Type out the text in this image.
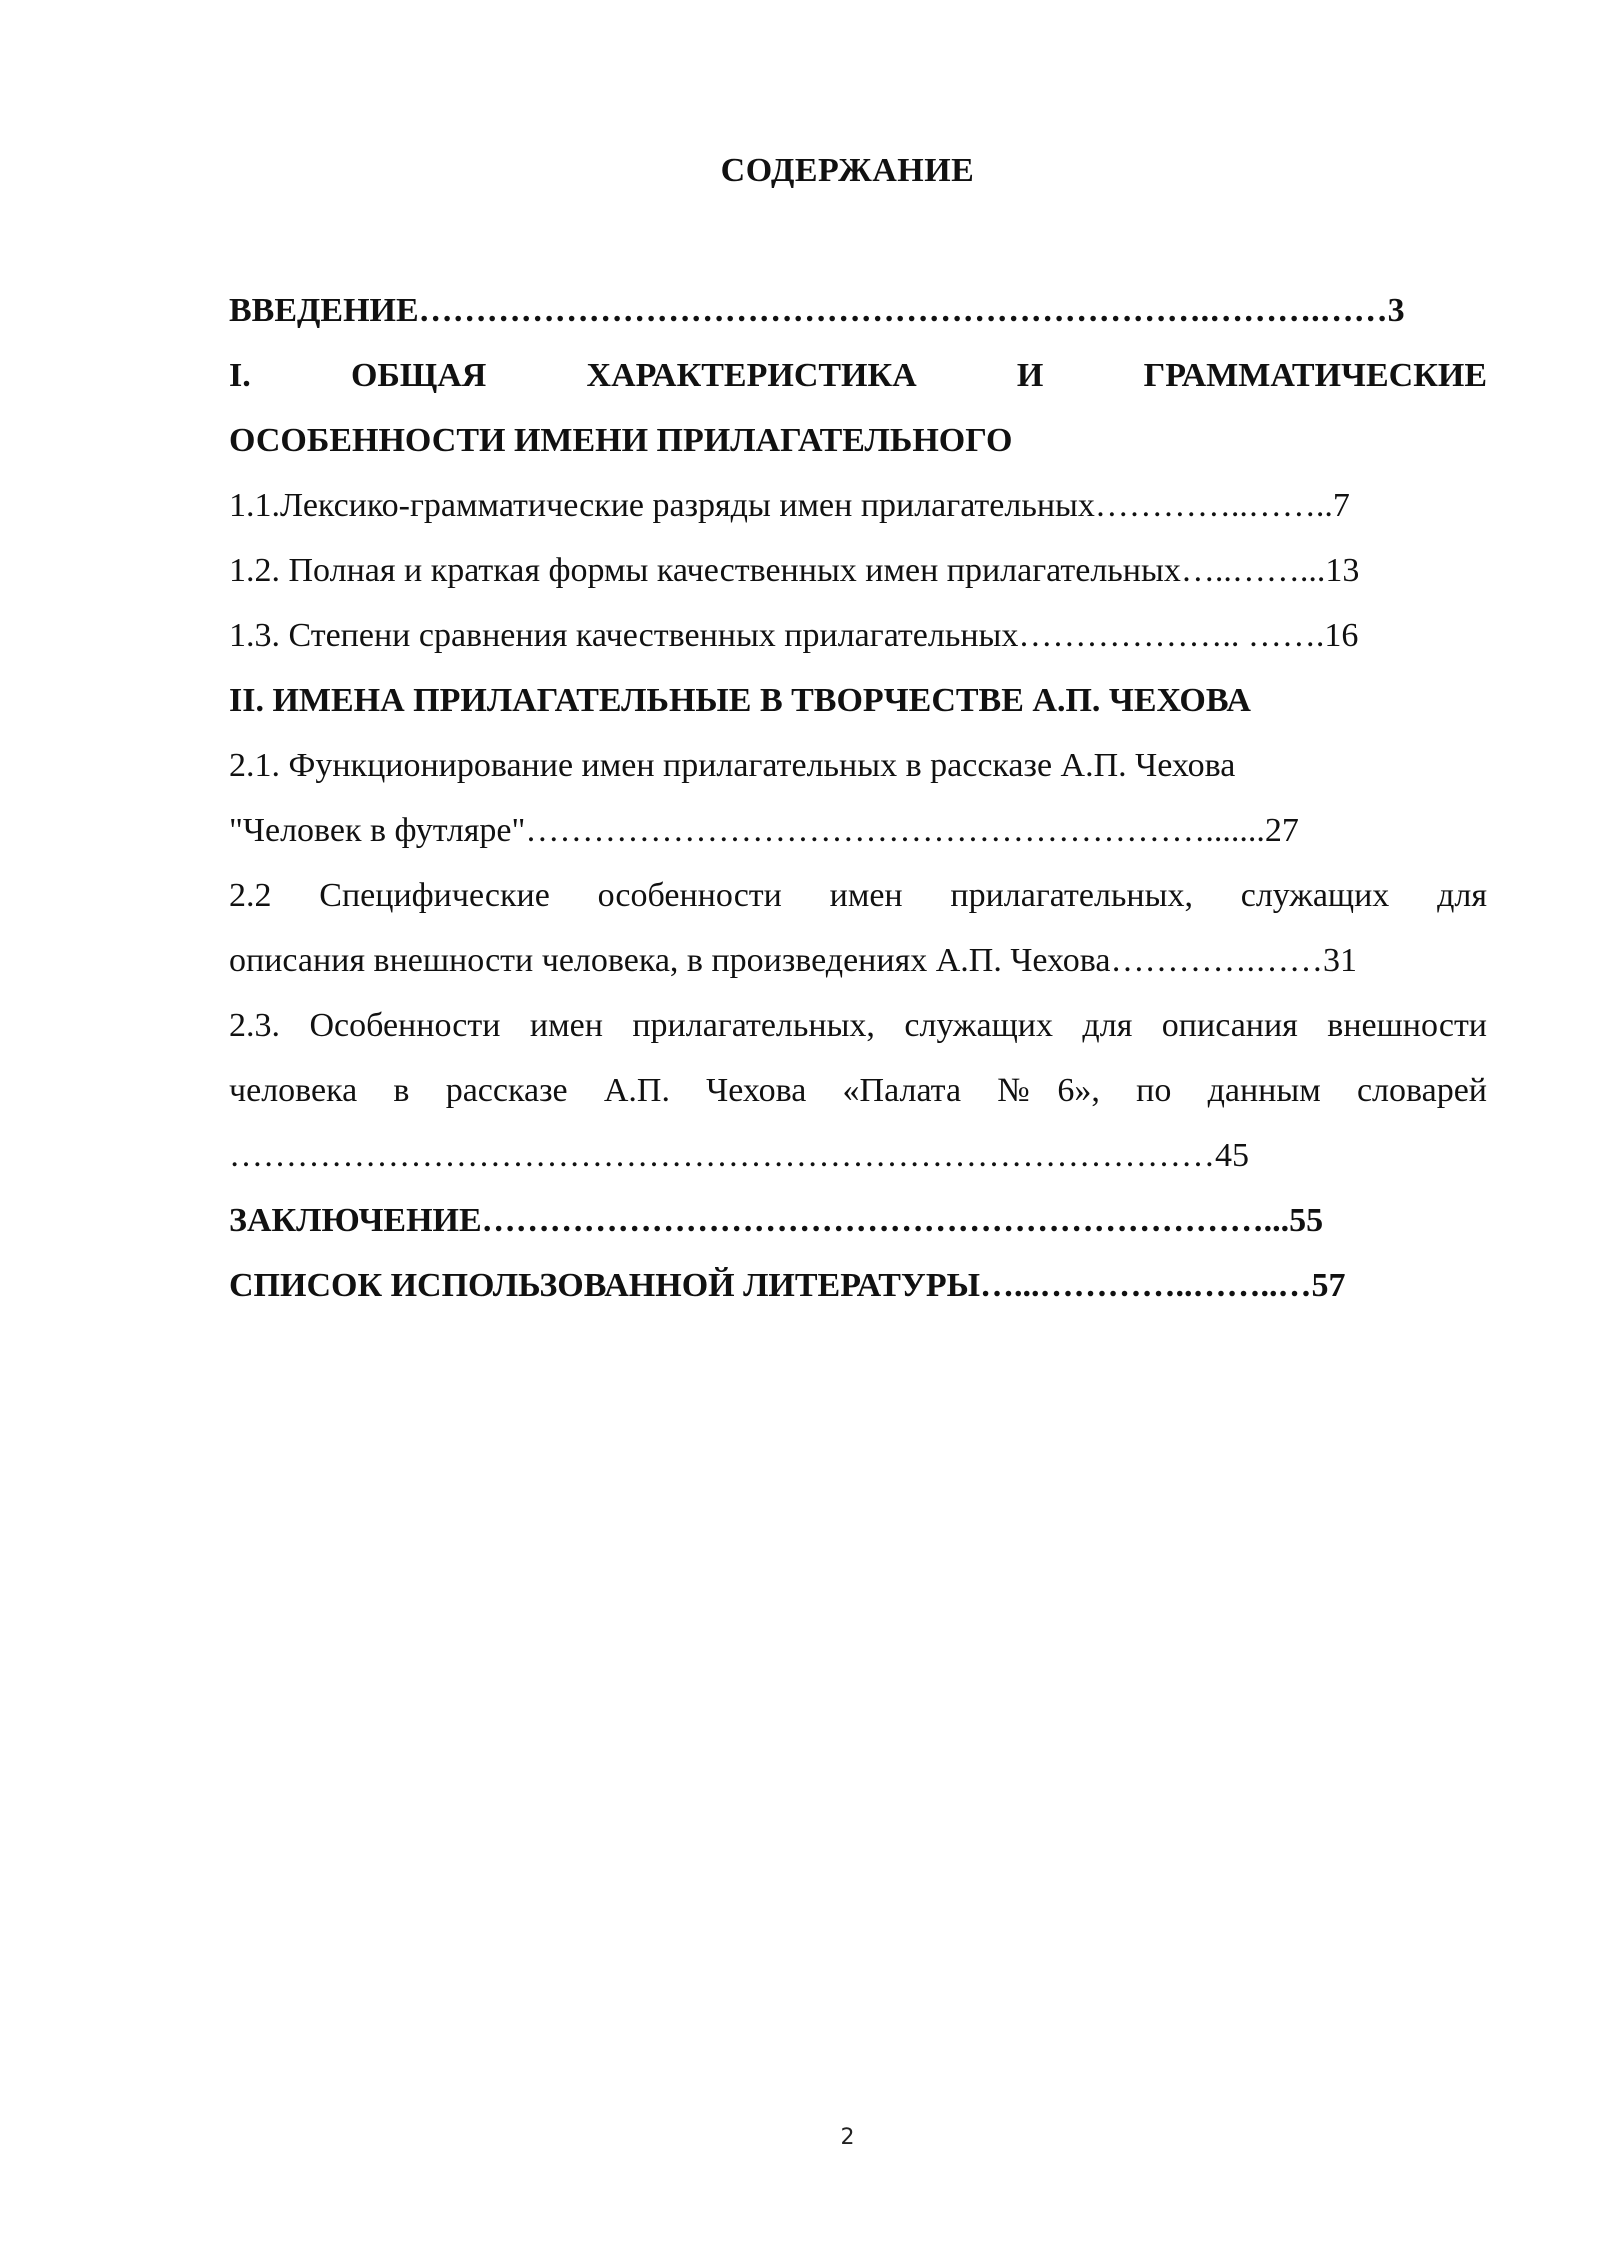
СОДЕРЖАНИЕ
ВВЕДЕНИЕ…………………………………………………………….……….……3
I. ОБЩАЯ ХАРАКТЕРИСТИКА И ГРАММАТИЧЕСКИЕ
ОСОБЕННОСТИ ИМЕНИ ПРИЛАГАТЕЛЬНОГО
1.1.Лексико-грамматические разряды имен прилагательных…………..……..7
1.2. Полная и краткая формы качественных имен прилагательных…..……...13
1.3. Степени сравнения качественных прилагательных……………….. …….16
II. ИМЕНА ПРИЛАГАТЕЛЬНЫЕ В ТВОРЧЕСТВЕ А.П. ЧЕХОВА
2.1. Функционирование имен прилагательных в рассказе А.П. Чехова
"Человек в футляре"…………………………………………………….......27
2.2 Специфические особенности имен прилагательных, служащих для
описания внешности человека, в произведениях А.П. Чехова………….……31
2.3. Особенности имен прилагательных, служащих для описания внешности
человека в рассказе А.П. Чехова «Палата №6», по данным словарей
……………………………………………………………………………45
ЗАКЛЮЧЕНИЕ……………………………………………………………...55
СПИСОК ИСПОЛЬЗОВАННОЙ ЛИТЕРАТУРЫ…...…………..……..…57
2
